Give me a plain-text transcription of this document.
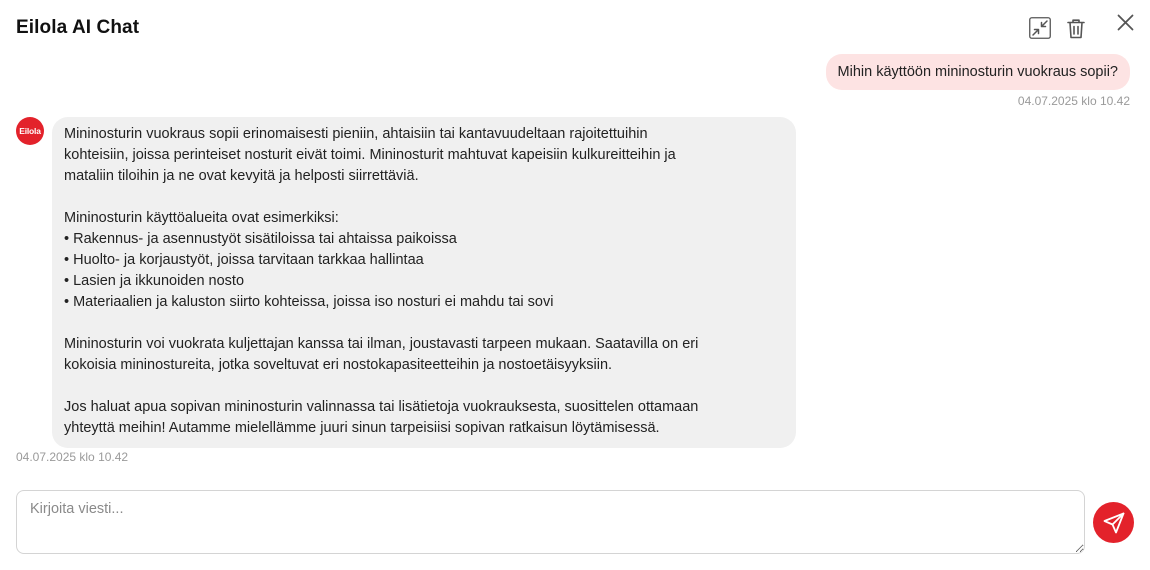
Eilola AI Chat
Mihin käyttöön mininosturin vuokraus sopii?
04.07.2025 klo 10.42
Eilola Mininosturin vuokraus sopii erinomaisesti pieniin, ahtaisiin tai kantavuudeltaan rajoitettuihin

kohteisiin, joissa perinteiset nosturit eivät toimi. Mininosturit mahtuvat kapeisiin kulkureitteihin ja

mataliin tiloihin ja ne ovat kevyitä ja helposti siirrettäviä.

Mininosturin käyttöalueita ovat esimerkiksi:

• Rakennus- ja asennustyöt sisätiloissa tai ahtaissa paikoissa

• Huolto- ja korjaustyöt, joissa tarvitaan tarkkaa hallintaa

• Lasien ja ikkunoiden nosto

• Materiaalien ja kaluston siirto kohteissa, joissa iso nosturi ei mahdu tai sovi

Mininosturin voi vuokrata kuljettajan kanssa tai ilman, joustavasti tarpeen mukaan. Saatavilla on eri

kokoisia mininostureita, jotka soveltuvat eri nostokapasiteetteihin ja nostoetäisyyksiin.

Jos haluat apua sopivan mininosturin valinnassa tai lisätietoja vuokrauksesta, suosittelen ottamaan

yhteyttä meihin! Autamme mielellämme juuri sinun tarpeisiisi sopivan ratkaisun löytämisessä.

04.07.2025 klo 10.42
Kirjoita viesti...
